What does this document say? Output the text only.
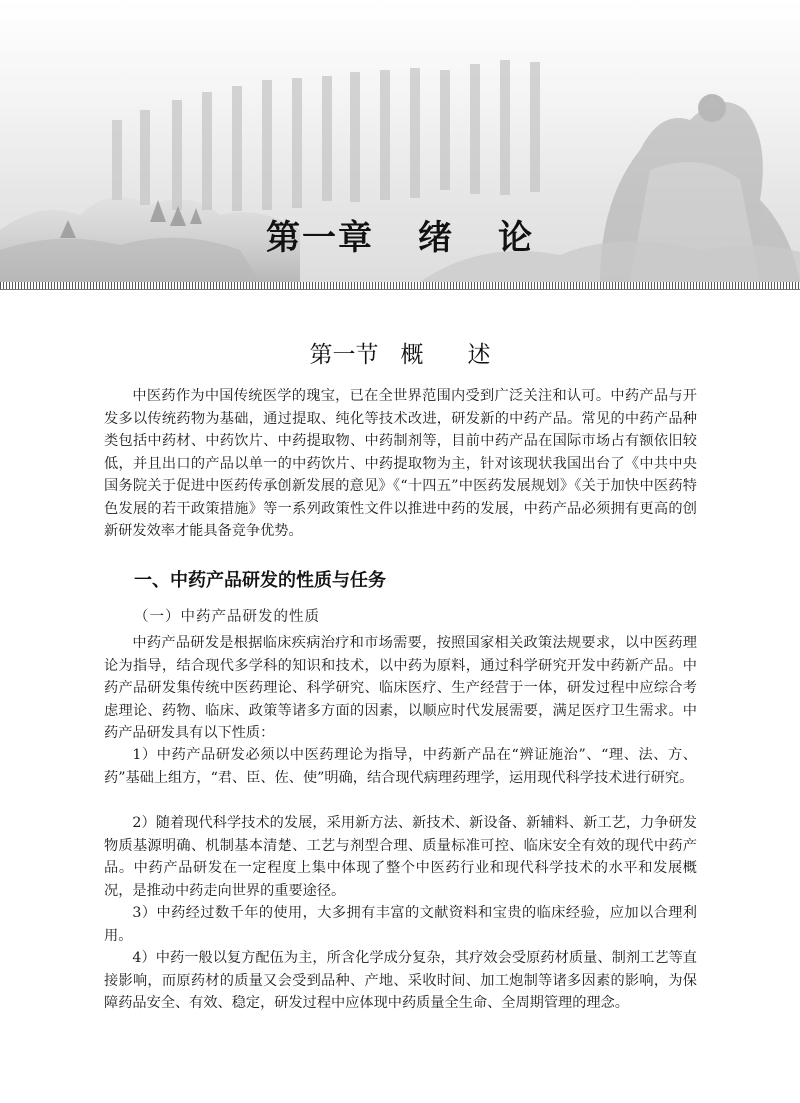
第一章 绪 论
第一节 概 述

中医药作为中国传统医学的瑰宝，已在全世界范围内受到广泛关注和认可。中药产品与开发多以传统药物为基础，通过提取、纯化等技术改进，研发新的中药产品。常见的中药产品种类包括中药材、中药饮片、中药提取物、中药制剂等，目前中药产品在国际市场占有额依旧较低，并且出口的产品以单一的中药饮片、中药提取物为主，针对该现状我国出台了《中共中央国务院关于促进中医药传承创新发展的意见》《“十四五”中医药发展规划》《关于加快中医药特色发展的若干政策措施》等一系列政策性文件以推进中药的发展，中药产品必须拥有更高的创新研发效率才能具备竞争优势。

一、中药产品研发的性质与任务
（一）中药产品研发的性质

中药产品研发是根据临床疾病治疗和市场需要，按照国家相关政策法规要求，以中医药理论为指导，结合现代多学科的知识和技术，以中药为原料，通过科学研究开发中药新产品。中药产品研发集传统中医药理论、科学研究、临床医疗、生产经营于一体，研发过程中应综合考虑理论、药物、临床、政策等诸多方面的因素，以顺应时代发展需要，满足医疗卫生需求。中药产品研发具有以下性质：

1）中药产品研发必须以中医药理论为指导，中药新产品在“辨证施治”、“理、法、方、药”基础上组方，“君、臣、佐、使”明确，结合现代病理药理学，运用现代科学技术进行研究。

2）随着现代科学技术的发展，采用新方法、新技术、新设备、新辅料、新工艺，力争研发物质基源明确、机制基本清楚、工艺与剂型合理、质量标准可控、临床安全有效的现代中药产品。中药产品研发在一定程度上集中体现了整个中医药行业和现代科学技术的水平和发展概况，是推动中药走向世界的重要途径。

3）中药经过数千年的使用，大多拥有丰富的文献资料和宝贵的临床经验，应加以合理利用。

4）中药一般以复方配伍为主，所含化学成分复杂，其疗效会受原药材质量、制剂工艺等直接影响，而原药材的质量又会受到品种、产地、采收时间、加工炮制等诸多因素的影响，为保障药品安全、有效、稳定，研发过程中应体现中药质量全生命、全周期管理的理念。
